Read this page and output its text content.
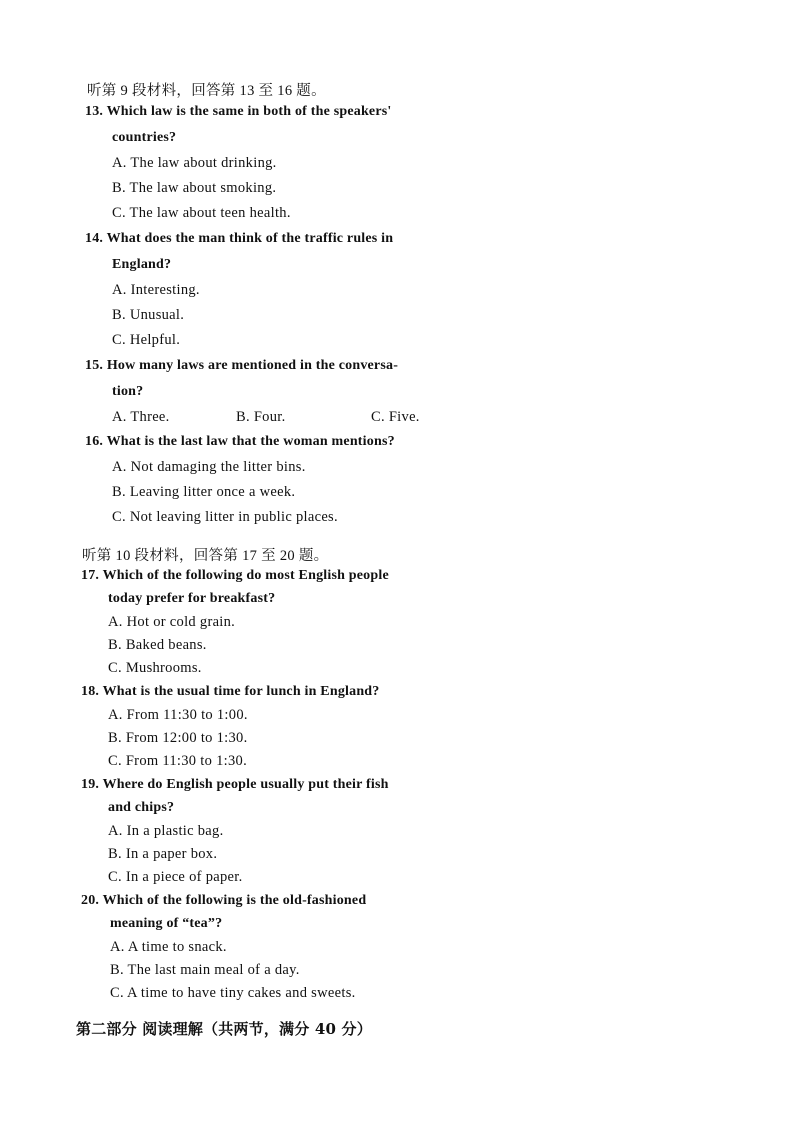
听第 9 段材料，回答第 13 至 16 题。
13. Which law is the same in both of the speakers'
countries?
A. The law about drinking.
B. The law about smoking.
C. The law about teen health.
14. What does the man think of the traffic rules in
England?
A. Interesting.
B. Unusual.
C. Helpful.
15. How many laws are mentioned in the conversa-
tion?
A. Three.	B. Four.	C. Five.
16. What is the last law that the woman mentions?
A. Not damaging the litter bins.
B. Leaving litter once a week.
C. Not leaving litter in public places.
听第 10 段材料，回答第 17 至 20 题。
17. Which of the following do most English people
today prefer for breakfast?
A. Hot or cold grain.
B. Baked beans.
C. Mushrooms.
18. What is the usual time for lunch in England?
A. From 11:30 to 1:00.
B. From 12:00 to 1:30.
C. From 11:30 to 1:30.
19. Where do English people usually put their fish
and chips?
A. In a plastic bag.
B. In a paper box.
C. In a piece of paper.
20. Which of the following is the old-fashioned
meaning of “tea”?
A. A time to snack.
B. The last main meal of a day.
C. A time to have tiny cakes and sweets.
第二部分 阅读理解（共两节，满分 40 分）
